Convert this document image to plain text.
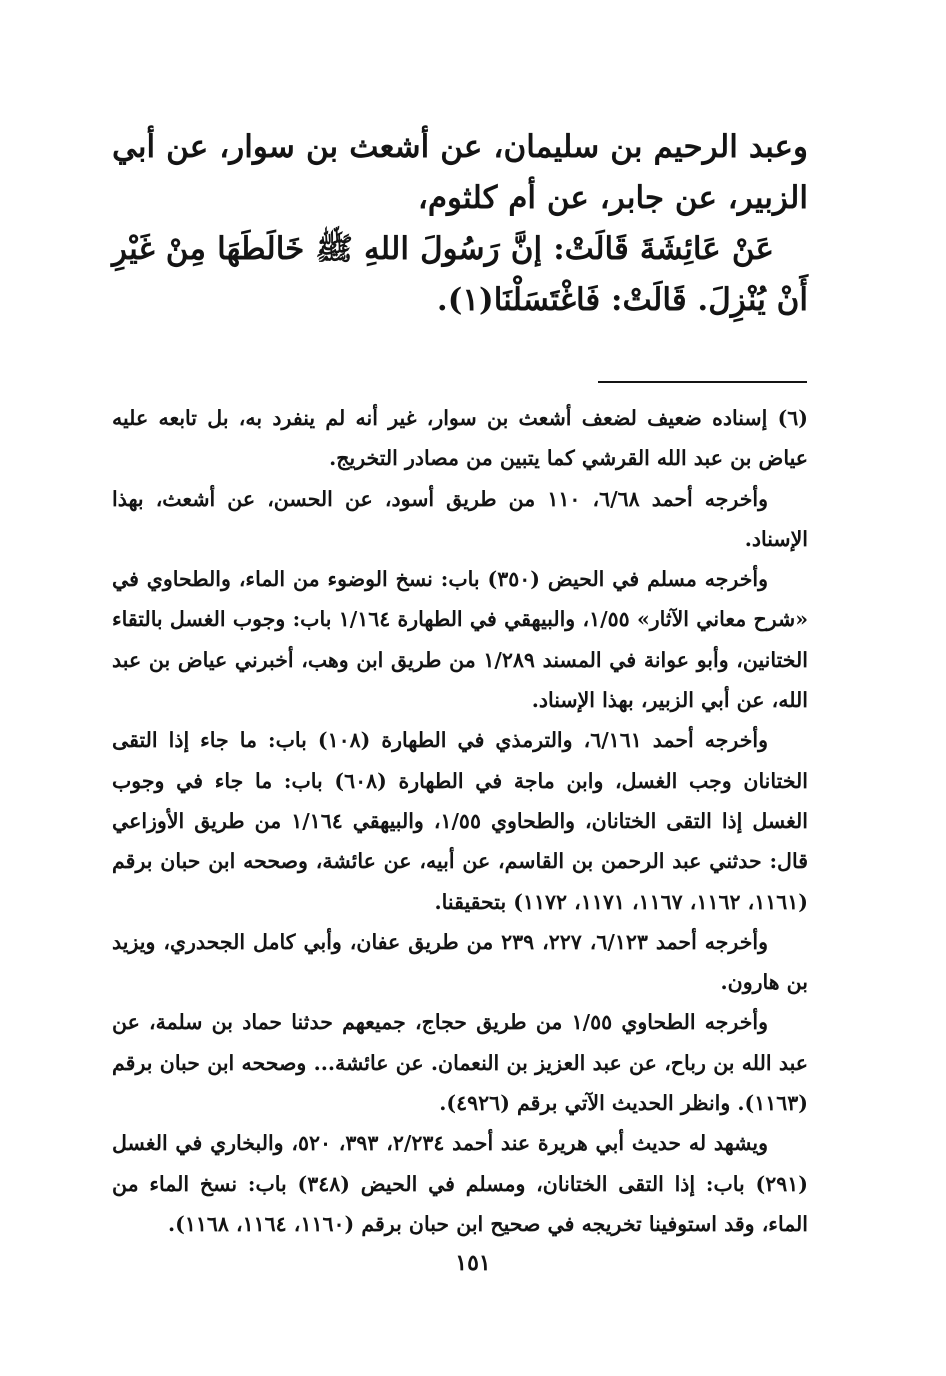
وعبد الرحيم بن سليمان، عن أشعث بن سوار، عن أبي الزبير، عن جابر، عن أم كلثوم،

عَنْ عَائِشَةَ قَالَتْ: إنَّ رَسُولَ اللهِ ﷺ خَالَطَهَا مِنْ غَيْرِ أَنْ يُنْزِلَ. قَالَتْ: فَاغْتَسَلْنَا(١).

(٦) إسناده ضعيف لضعف أشعث بن سوار، غير أنه لم ينفرد به، بل تابعه عليه عياض بن عبد الله القرشي كما يتبين من مصادر التخريج.

وأخرجه أحمد ٦/٦٨، ١١٠ من طريق أسود، عن الحسن، عن أشعث، بهذا الإسناد.

وأخرجه مسلم في الحيض (٣٥٠) باب: نسخ الوضوء من الماء، والطحاوي في «شرح معاني الآثار» ١/٥٥، والبيهقي في الطهارة ١/١٦٤ باب: وجوب الغسل بالتقاء الختانين، وأبو عوانة في المسند ١/٢٨٩ من طريق ابن وهب، أخبرني عياض بن عبد الله، عن أبي الزبير، بهذا الإسناد.

وأخرجه أحمد ٦/١٦١، والترمذي في الطهارة (١٠٨) باب: ما جاء إذا التقى الختانان وجب الغسل، وابن ماجة في الطهارة (٦٠٨) باب: ما جاء في وجوب الغسل إذا التقى الختانان، والطحاوي ١/٥٥، والبيهقي ١/١٦٤ من طريق الأوزاعي قال: حدثني عبد الرحمن بن القاسم، عن أبيه، عن عائشة، وصححه ابن حبان برقم (١١٦١، ١١٦٢، ١١٦٧، ١١٧١، ١١٧٢) بتحقيقنا.

وأخرجه أحمد ٦/١٢٣، ٢٢٧، ٢٣٩ من طريق عفان، وأبي كامل الجحدري، ويزيد بن هارون.

وأخرجه الطحاوي ١/٥٥ من طريق حجاج، جميعهم حدثنا حماد بن سلمة، عن عبد الله بن رباح، عن عبد العزيز بن النعمان. عن عائشة... وصححه ابن حبان برقم (١١٦٣). وانظر الحديث الآتي برقم (٤٩٢٦).

ويشهد له حديث أبي هريرة عند أحمد ٢/٢٣٤، ٣٩٣، ٥٢٠، والبخاري في الغسل (٢٩١) باب: إذا التقى الختانان، ومسلم في الحيض (٣٤٨) باب: نسخ الماء من الماء، وقد استوفينا تخريجه في صحيح ابن حبان برقم (١١٦٠، ١١٦٤، ١١٦٨).

١٥١
